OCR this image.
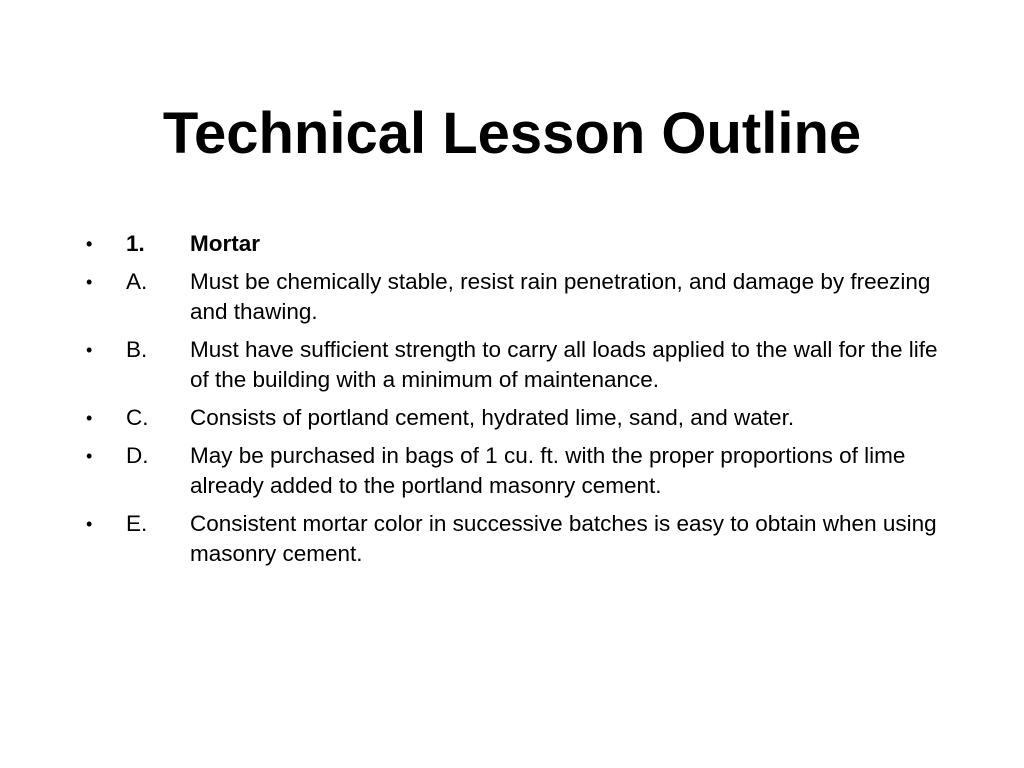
Technical Lesson Outline
•	1.	Mortar
•	A.	Must be chemically stable, resist rain penetration, and damage by freezing and thawing.
•	B.	Must have sufficient strength to carry all loads applied to the wall for the life of the building with a minimum of maintenance.
•	C.	Consists of portland cement, hydrated lime, sand, and water.
•	D.	May be purchased in bags of 1 cu. ft. with the proper proportions of lime already added to the portland masonry cement.
•	E.	Consistent mortar color in successive batches is easy to obtain when using masonry cement.
